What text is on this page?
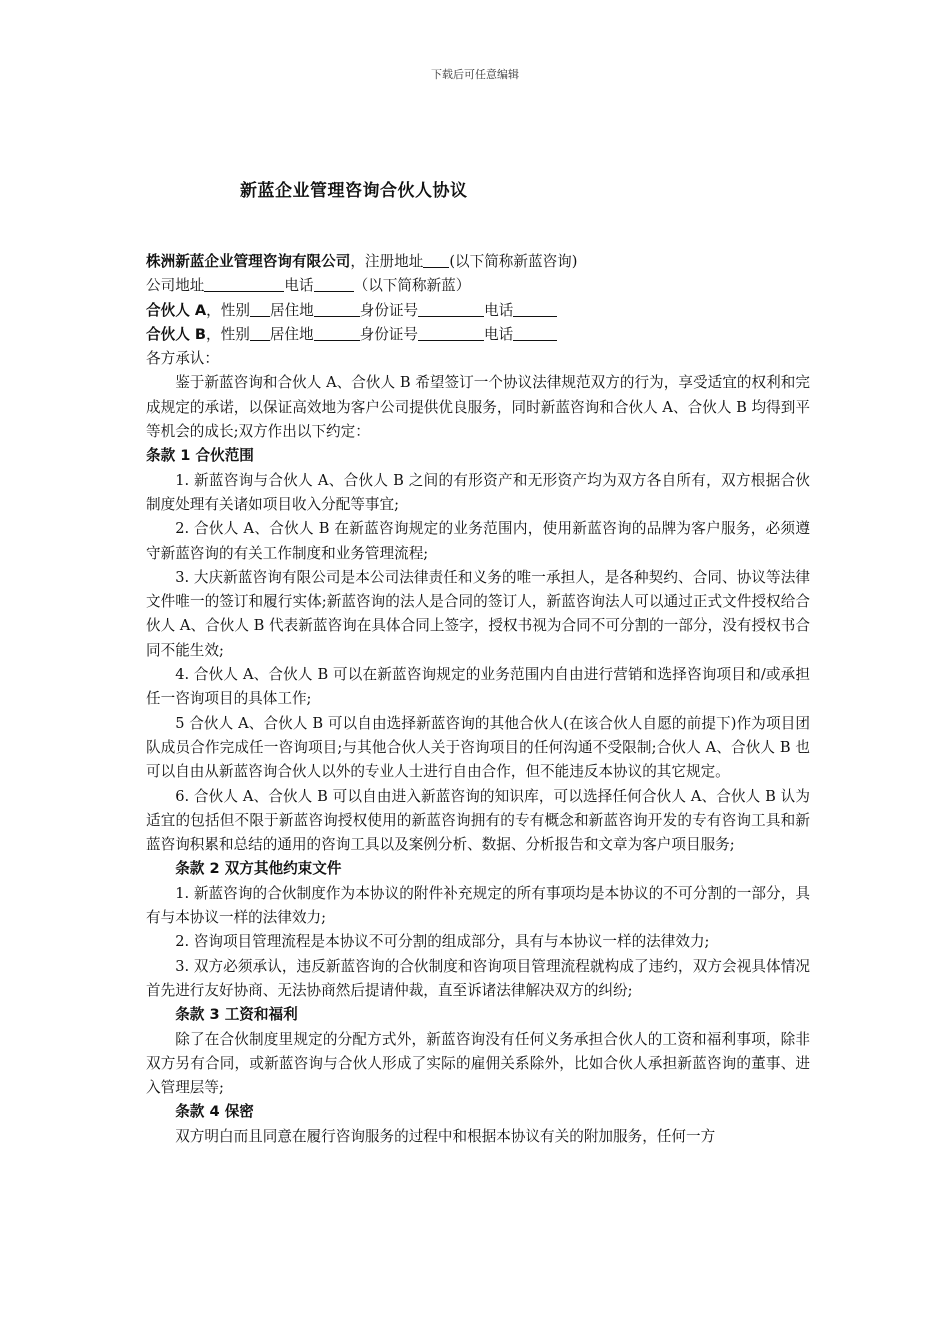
下载后可任意编辑
新蓝企业管理咨询合伙人协议
株洲新蓝企业管理咨询有限公司，注册地址 (以下简称新蓝咨询)
公司地址	电话	（以下简称新蓝）
合伙人 A，性别 居住地	身份证号	电话
合伙人 B，性别 居住地	身份证号	电话
各方承认：
鉴于新蓝咨询和合伙人 A、合伙人 B 希望签订一个协议法律规范双方的行为，享受适宜的权利和完成规定的承诺，以保证高效地为客户公司提供优良服务，同时新蓝咨询和合伙人 A、合伙人 B 均得到平等机会的成长;双方作出以下约定：
条款 1 合伙范围
1. 新蓝咨询与合伙人 A、合伙人 B 之间的有形资产和无形资产均为双方各自所有，双方根据合伙制度处理有关诸如项目收入分配等事宜;
2. 合伙人 A、合伙人 B 在新蓝咨询规定的业务范围内，使用新蓝咨询的品牌为客户服务，必须遵守新蓝咨询的有关工作制度和业务管理流程;
3. 大庆新蓝咨询有限公司是本公司法律责任和义务的唯一承担人，是各种契约、合同、协议等法律文件唯一的签订和履行实体;新蓝咨询的法人是合同的签订人，新蓝咨询法人可以通过正式文件授权给合伙人 A、合伙人 B 代表新蓝咨询在具体合同上签字，授权书视为合同不可分割的一部分，没有授权书合同不能生效;
4. 合伙人 A、合伙人 B 可以在新蓝咨询规定的业务范围内自由进行营销和选择咨询项目和/或承担任一咨询项目的具体工作;
5 合伙人 A、合伙人 B 可以自由选择新蓝咨询的其他合伙人(在该合伙人自愿的前提下)作为项目团队成员合作完成任一咨询项目;与其他合伙人关于咨询项目的任何沟通不受限制;合伙人 A、合伙人 B 也可以自由从新蓝咨询合伙人以外的专业人士进行自由合作，但不能违反本协议的其它规定。
6. 合伙人 A、合伙人 B 可以自由进入新蓝咨询的知识库，可以选择任何合伙人 A、合伙人 B 认为适宜的包括但不限于新蓝咨询授权使用的新蓝咨询拥有的专有概念和新蓝咨询开发的专有咨询工具和新蓝咨询积累和总结的通用的咨询工具以及案例分析、数据、分析报告和文章为客户项目服务;
条款 2 双方其他约束文件
1. 新蓝咨询的合伙制度作为本协议的附件补充规定的所有事项均是本协议的不可分割的一部分，具有与本协议一样的法律效力;
2. 咨询项目管理流程是本协议不可分割的组成部分，具有与本协议一样的法律效力;
3. 双方必须承认，违反新蓝咨询的合伙制度和咨询项目管理流程就构成了违约，双方会视具体情况首先进行友好协商、无法协商然后提请仲裁，直至诉诸法律解决双方的纠纷;
条款 3 工资和福利
除了在合伙制度里规定的分配方式外，新蓝咨询没有任何义务承担合伙人的工资和福利事项，除非双方另有合同，或新蓝咨询与合伙人形成了实际的雇佣关系除外，比如合伙人承担新蓝咨询的董事、进入管理层等;
条款 4 保密
双方明白而且同意在履行咨询服务的过程中和根据本协议有关的附加服务，任何一方
